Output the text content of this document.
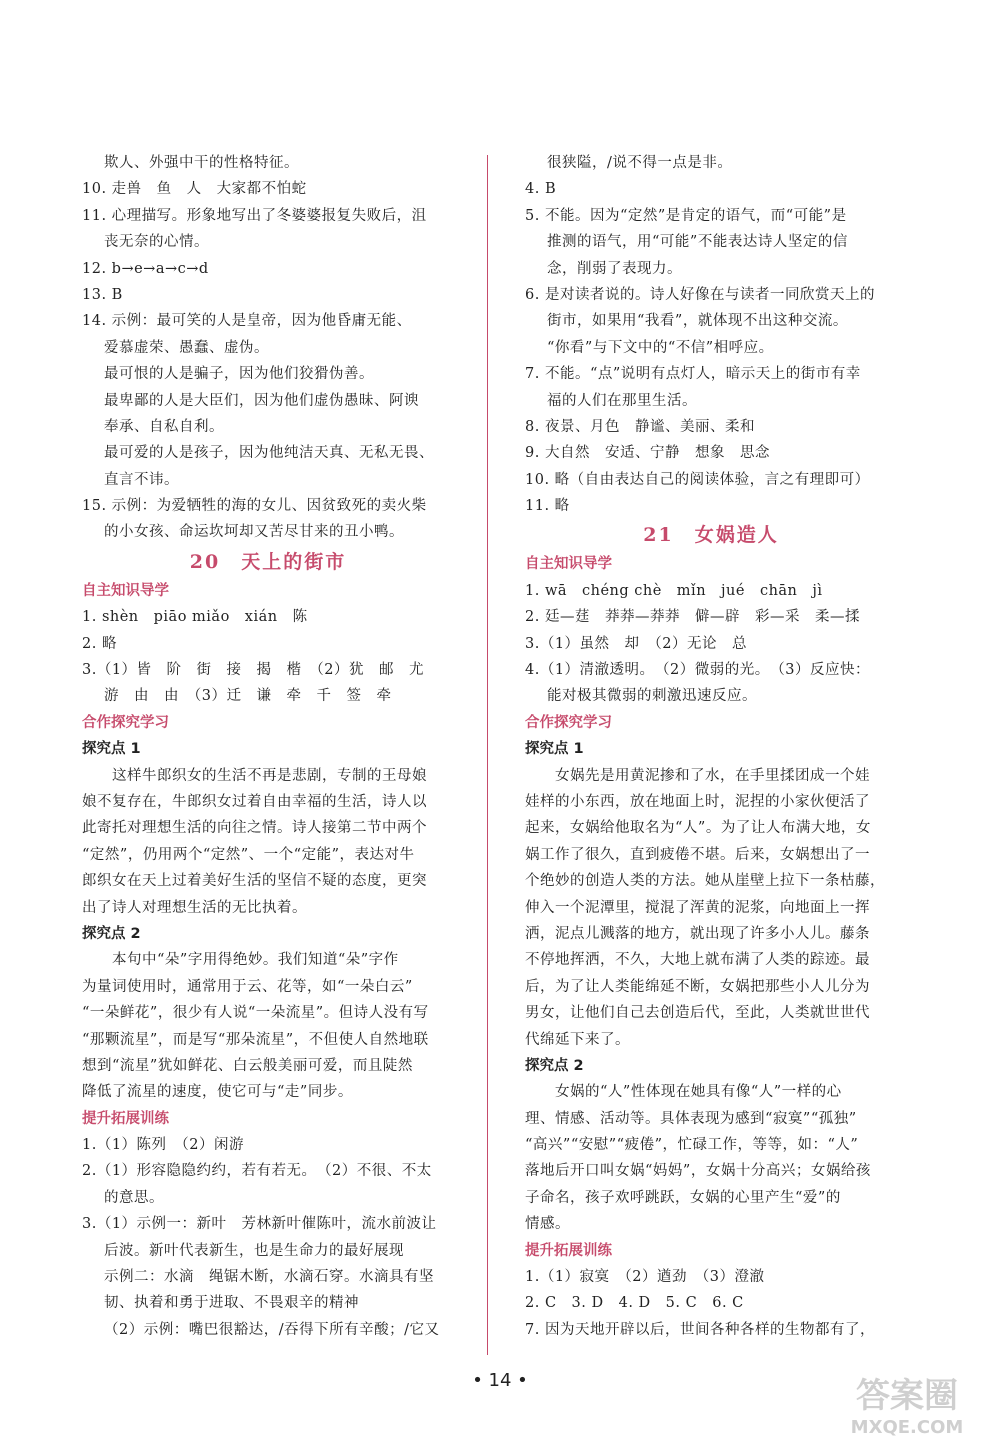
欺人、外强中干的性格特征。
10. 走兽　鱼　人　大家都不怕蛇
11. 心理描写。形象地写出了冬婆婆报复失败后，沮
丧无奈的心情。
12. b→e→a→c→d
13. B
14. 示例：最可笑的人是皇帝，因为他昏庸无能、
爱慕虚荣、愚蠢、虚伪。
最可恨的人是骗子，因为他们狡猾伪善。
最卑鄙的人是大臣们，因为他们虚伪愚昧、阿谀
奉承、自私自利。
最可爱的人是孩子，因为他纯洁天真、无私无畏、
直言不讳。
15. 示例：为爱牺牲的海的女儿、因贫致死的卖火柴
的小女孩、命运坎坷却又苦尽甘来的丑小鸭。
20　天上的街市
自主知识导学
1. shèn　piāo miǎo　xián　陈
2. 略
3.（1）皆　阶　街　接　揭　楷　（2）犹　邮　尤
游　由　由　（3）迁　谦　牵　千　签　牵
合作探究学习
探究点 1
这样牛郎织女的生活不再是悲剧，专制的王母娘
娘不复存在，牛郎织女过着自由幸福的生活，诗人以
此寄托对理想生活的向往之情。诗人接第二节中两个
“定然”，仍用两个“定然”、一个“定能”，表达对牛
郎织女在天上过着美好生活的坚信不疑的态度，更突
出了诗人对理想生活的无比执着。
探究点 2
本句中“朵”字用得绝妙。我们知道“朵”字作
为量词使用时，通常用于云、花等，如“一朵白云”
“一朵鲜花”，很少有人说“一朵流星”。但诗人没有写
“那颗流星”，而是写“那朵流星”，不但使人自然地联
想到“流星”犹如鲜花、白云般美丽可爱，而且陡然
降低了流星的速度，使它可与“走”同步。
提升拓展训练
1.（1）陈列　（2）闲游
2.（1）形容隐隐约约，若有若无。　（2）不很、不太
的意思。
3.（1）示例一：新叶　芳林新叶催陈叶，流水前波让
后波。新叶代表新生，也是生命力的最好展现
示例二：水滴　绳锯木断，水滴石穿。水滴具有坚
韧、执着和勇于进取、不畏艰辛的精神
（2）示例：嘴巴很豁达，/吞得下所有辛酸；/它又
很狭隘，/说不得一点是非。
4. B
5. 不能。因为“定然”是肯定的语气，而“可能”是
推测的语气，用“可能”不能表达诗人坚定的信
念，削弱了表现力。
6. 是对读者说的。诗人好像在与读者一同欣赏天上的
街市，如果用“我看”，就体现不出这种交流。
“你看”与下文中的“不信”相呼应。
7. 不能。“点”说明有点灯人，暗示天上的街市有幸
福的人们在那里生活。
8. 夜景、月色　静谧、美丽、柔和
9. 大自然　安适、宁静　想象　思念
10. 略（自由表达自己的阅读体验，言之有理即可）
11. 略
21　女娲造人
自主知识导学
1. wā　chéng chè　mǐn　jué　chān　jì
2. 廷—莛　莽莽—莽莽　僻—辟　彩—采　柔—揉
3.（1）虽然　却　（2）无论　总
4.（1）清澈透明。　（2）微弱的光。　（3）反应快：
能对极其微弱的刺激迅速反应。
合作探究学习
探究点 1
女娲先是用黄泥掺和了水，在手里揉团成一个娃
娃样的小东西，放在地面上时，泥捏的小家伙便活了
起来，女娲给他取名为“人”。为了让人布满大地，女
娲工作了很久，直到疲倦不堪。后来，女娲想出了一
个绝妙的创造人类的方法。她从崖壁上拉下一条枯藤，
伸入一个泥潭里，搅混了浑黄的泥浆，向地面上一挥
洒，泥点儿溅落的地方，就出现了许多小人儿。藤条
不停地挥洒，不久，大地上就布满了人类的踪迹。最
后，为了让人类能绵延不断，女娲把那些小人儿分为
男女，让他们自己去创造后代，至此，人类就世世代
代绵延下来了。
探究点 2
女娲的“人”性体现在她具有像“人”一样的心
理、情感、活动等。具体表现为感到“寂寞”“孤独”
“高兴”“安慰”“疲倦”，忙碌工作，等等，如：“人”
落地后开口叫女娲“妈妈”，女娲十分高兴；女娲给孩
子命名，孩子欢呼跳跃，女娲的心里产生“爱”的
情感。
提升拓展训练
1.（1）寂寞　（2）遒劲　（3）澄澈
2. C　3. D　4. D　5. C　6. C
7. 因为天地开辟以后，世间各种各样的生物都有了，
• 14 •	答案圈
MXQE.COM
